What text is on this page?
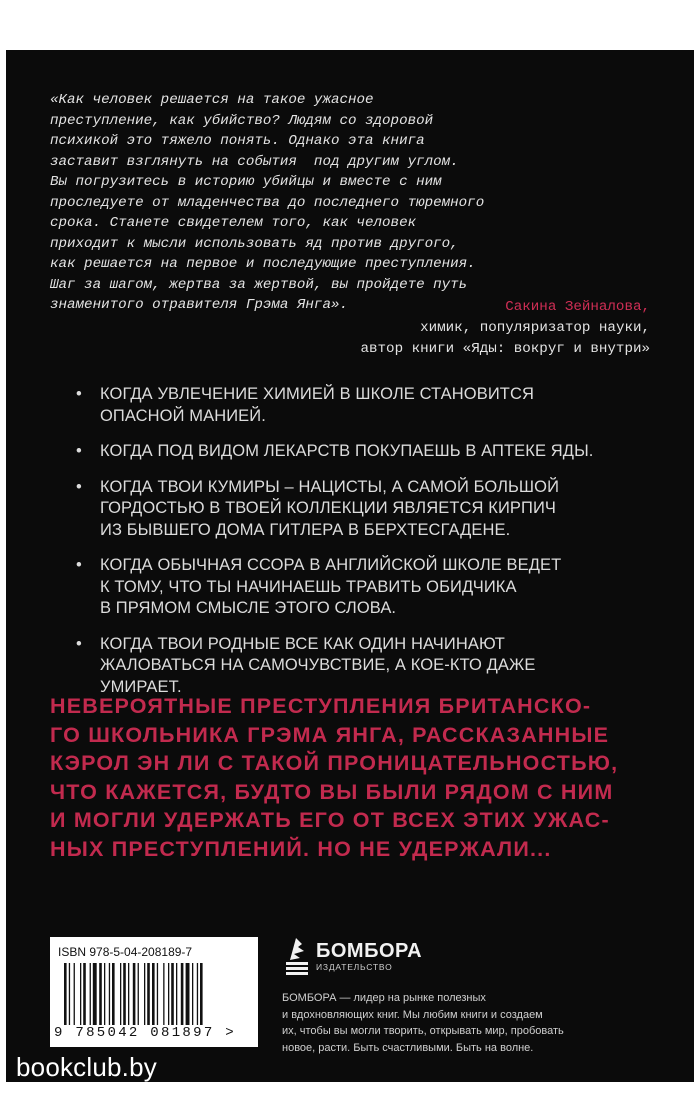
«Как человек решается на такое ужасное
преступление, как убийство? Людям со здоровой
психикой это тяжело понять. Однако эта книга
заставит взглянуть на события  под другим углом.
Вы погрузитесь в историю убийцы и вместе с ним
проследуете от младенчества до последнего тюремного
срока. Станете свидетелем того, как человек
приходит к мысли использовать яд против другого,
как решается на первое и последующие преступления.
Шаг за шагом, жертва за жертвой, вы пройдете путь
знаменитого отравителя Грэма Янга».	Сакина Зейналова,
химик, популяризатор науки,
автор книги «Яды: вокруг и внутри»
• КОГДА УВЛЕЧЕНИЕ ХИМИЕЙ В ШКОЛЕ СТАНОВИТСЯ
ОПАСНОЙ МАНИЕЙ.
• КОГДА ПОД ВИДОМ ЛЕКАРСТВ ПОКУПАЕШЬ В АПТЕКЕ ЯДЫ.
• КОГДА ТВОИ КУМИРЫ – НАЦИСТЫ, А САМОЙ БОЛЬШОЙ
ГОРДОСТЬЮ В ТВОЕЙ КОЛЛЕКЦИИ ЯВЛЯЕТСЯ КИРПИЧ
ИЗ БЫВШЕГО ДОМА ГИТЛЕРА В БЕРХТЕСГАДЕНЕ.
• КОГДА ОБЫЧНАЯ ССОРА В АНГЛИЙСКОЙ ШКОЛЕ ВЕДЕТ
К ТОМУ, ЧТО ТЫ НАЧИНАЕШЬ ТРАВИТЬ ОБИДЧИКА
В ПРЯМОМ СМЫСЛЕ ЭТОГО СЛОВА.
• КОГДА ТВОИ РОДНЫЕ ВСЕ КАК ОДИН НАЧИНАЮТ
ЖАЛОВАТЬСЯ НА САМОЧУВСТВИЕ, А КОЕ-КТО ДАЖЕ
УМИРАЕТ.
НЕВЕРОЯТНЫЕ ПРЕСТУПЛЕНИЯ БРИТАНСКО-
ГО ШКОЛЬНИКА ГРЭМА ЯНГА, РАССКАЗАННЫЕ
КЭРОЛ ЭН ЛИ С ТАКОЙ ПРОНИЦАТЕЛЬНОСТЬЮ,
ЧТО КАЖЕТСЯ, БУДТО ВЫ БЫЛИ РЯДОМ С НИМ
И МОГЛИ УДЕРЖАТЬ ЕГО ОТ ВСЕХ ЭТИХ УЖАС-
НЫХ ПРЕСТУПЛЕНИЙ. НО НЕ УДЕРЖАЛИ...
ISBN 978-5-04-208189-7
9 785042 081897 >
БОМБОРА
ИЗДАТЕЛЬСТВО
БОМБОРА — лидер на рынке полезных
и вдохновляющих книг. Мы любим книги и создаем
их, чтобы вы могли творить, открывать мир, пробовать
новое, расти. Быть счастливыми. Быть на волне.
bookclub.by
